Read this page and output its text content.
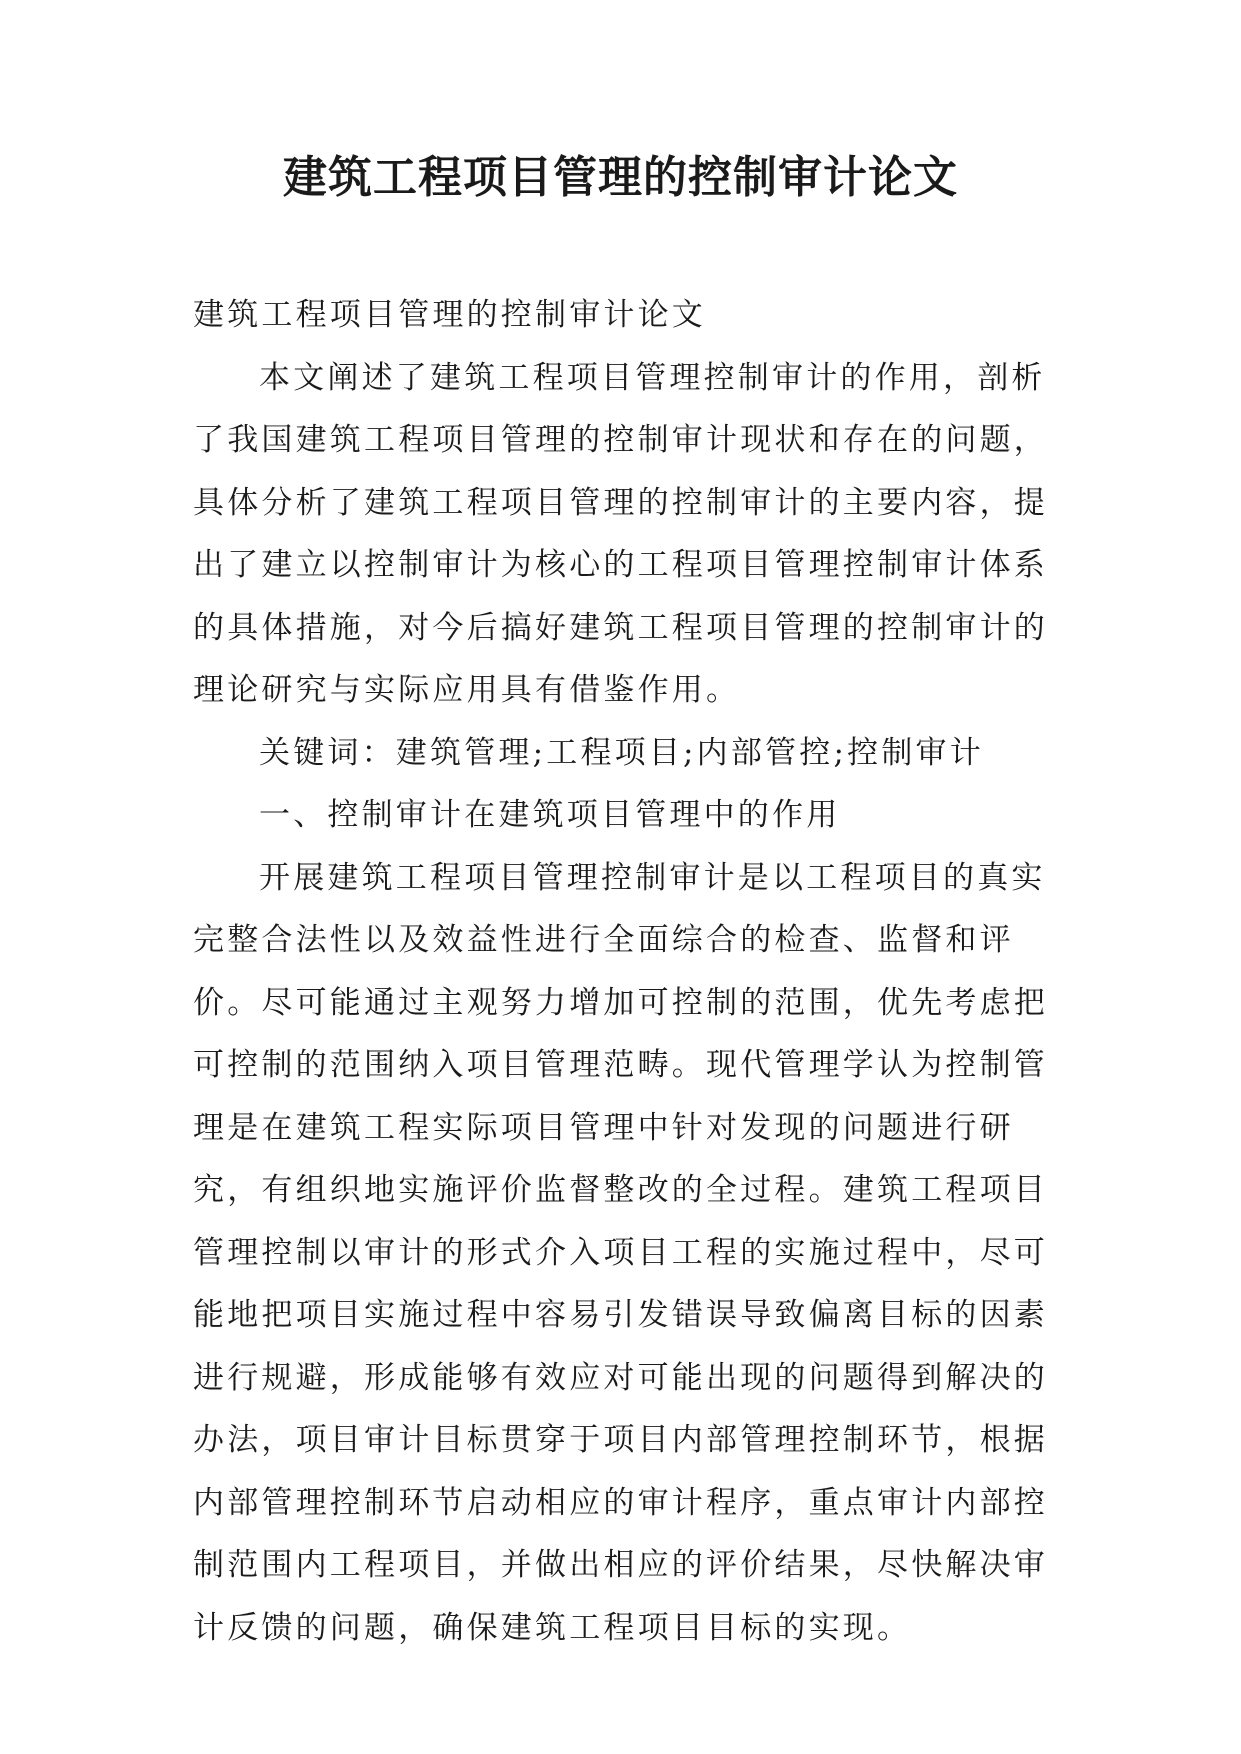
建筑工程项目管理的控制审计论文

建筑工程项目管理的控制审计论文

本文阐述了建筑工程项目管理控制审计的作用，剖析了我国建筑工程项目管理的控制审计现状和存在的问题，具体分析了建筑工程项目管理的控制审计的主要内容，提出了建立以控制审计为核心的工程项目管理控制审计体系的具体措施，对今后搞好建筑工程项目管理的控制审计的理论研究与实际应用具有借鉴作用。

关键词：建筑管理;工程项目;内部管控;控制审计

一、控制审计在建筑项目管理中的作用

开展建筑工程项目管理控制审计是以工程项目的真实完整合法性以及效益性进行全面综合的检查、监督和评价。尽可能通过主观努力增加可控制的范围，优先考虑把可控制的范围纳入项目管理范畴。现代管理学认为控制管理是在建筑工程实际项目管理中针对发现的问题进行研究，有组织地实施评价监督整改的全过程。建筑工程项目管理控制以审计的形式介入项目工程的实施过程中，尽可能地把项目实施过程中容易引发错误导致偏离目标的因素进行规避，形成能够有效应对可能出现的问题得到解决的办法，项目审计目标贯穿于项目内部管理控制环节，根据内部管理控制环节启动相应的审计程序，重点审计内部控制范围内工程项目，并做出相应的评价结果，尽快解决审计反馈的问题，确保建筑工程项目目标的实现。
